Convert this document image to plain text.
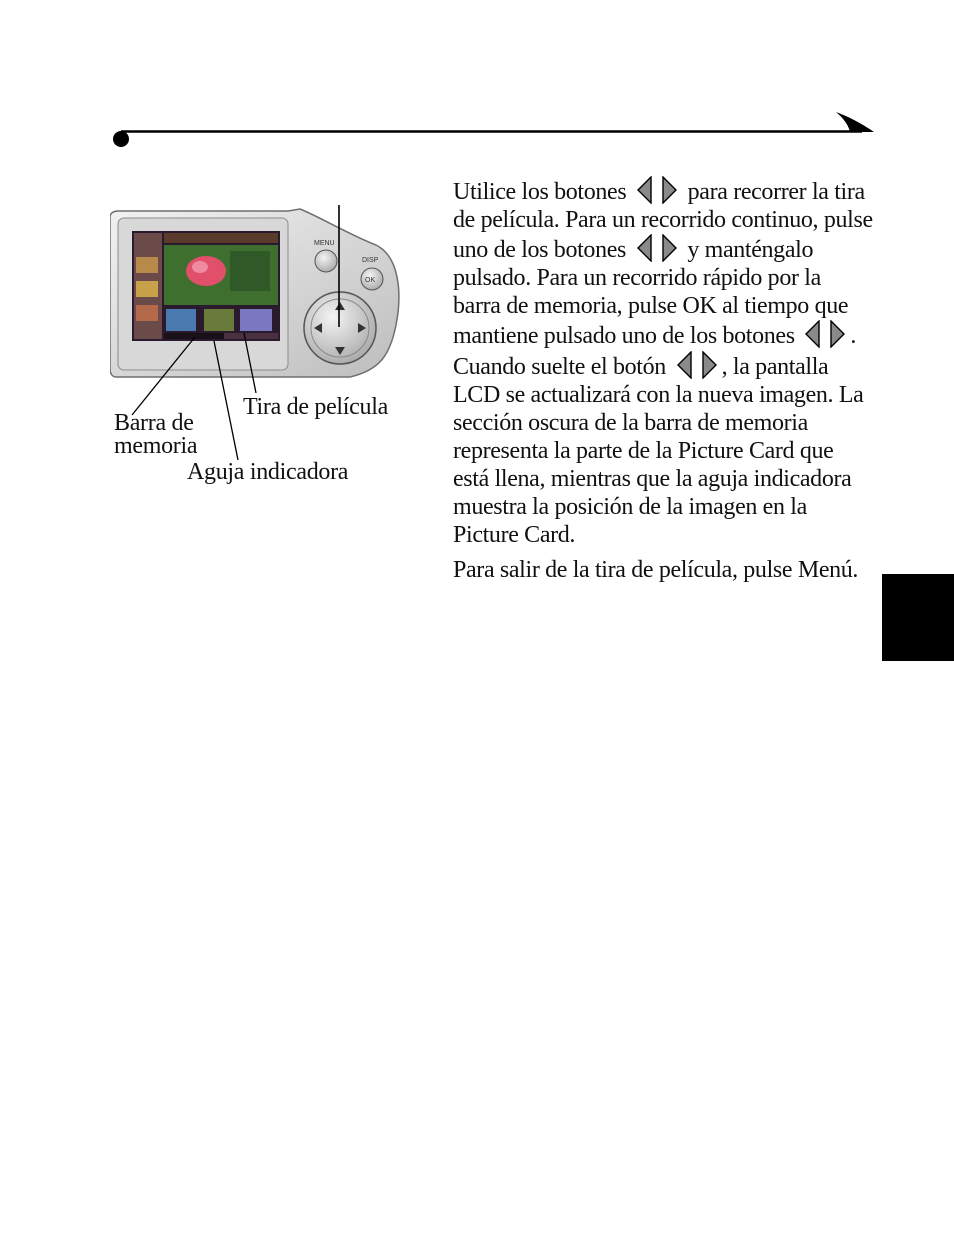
MENU
OK
DISP
Barra de
memoria
Tira de película
Aguja indicadora

Utilice los botones	para recorrer la tira de película. Para un recorrido continuo, pulse uno de los botones	y manténgalo pulsado. Para un recorrido rápido por la barra de memoria, pulse OK al tiempo que mantiene pulsado uno de los botones .
Cuando suelte el botón , la pantalla LCD se actualizará con la nueva imagen. La sección oscura de la barra de memoria representa la parte de la Picture Card que está llena, mientras que la aguja indicadora muestra la posición de la imagen en la Picture Card.

Para salir de la tira de película, pulse Menú.
